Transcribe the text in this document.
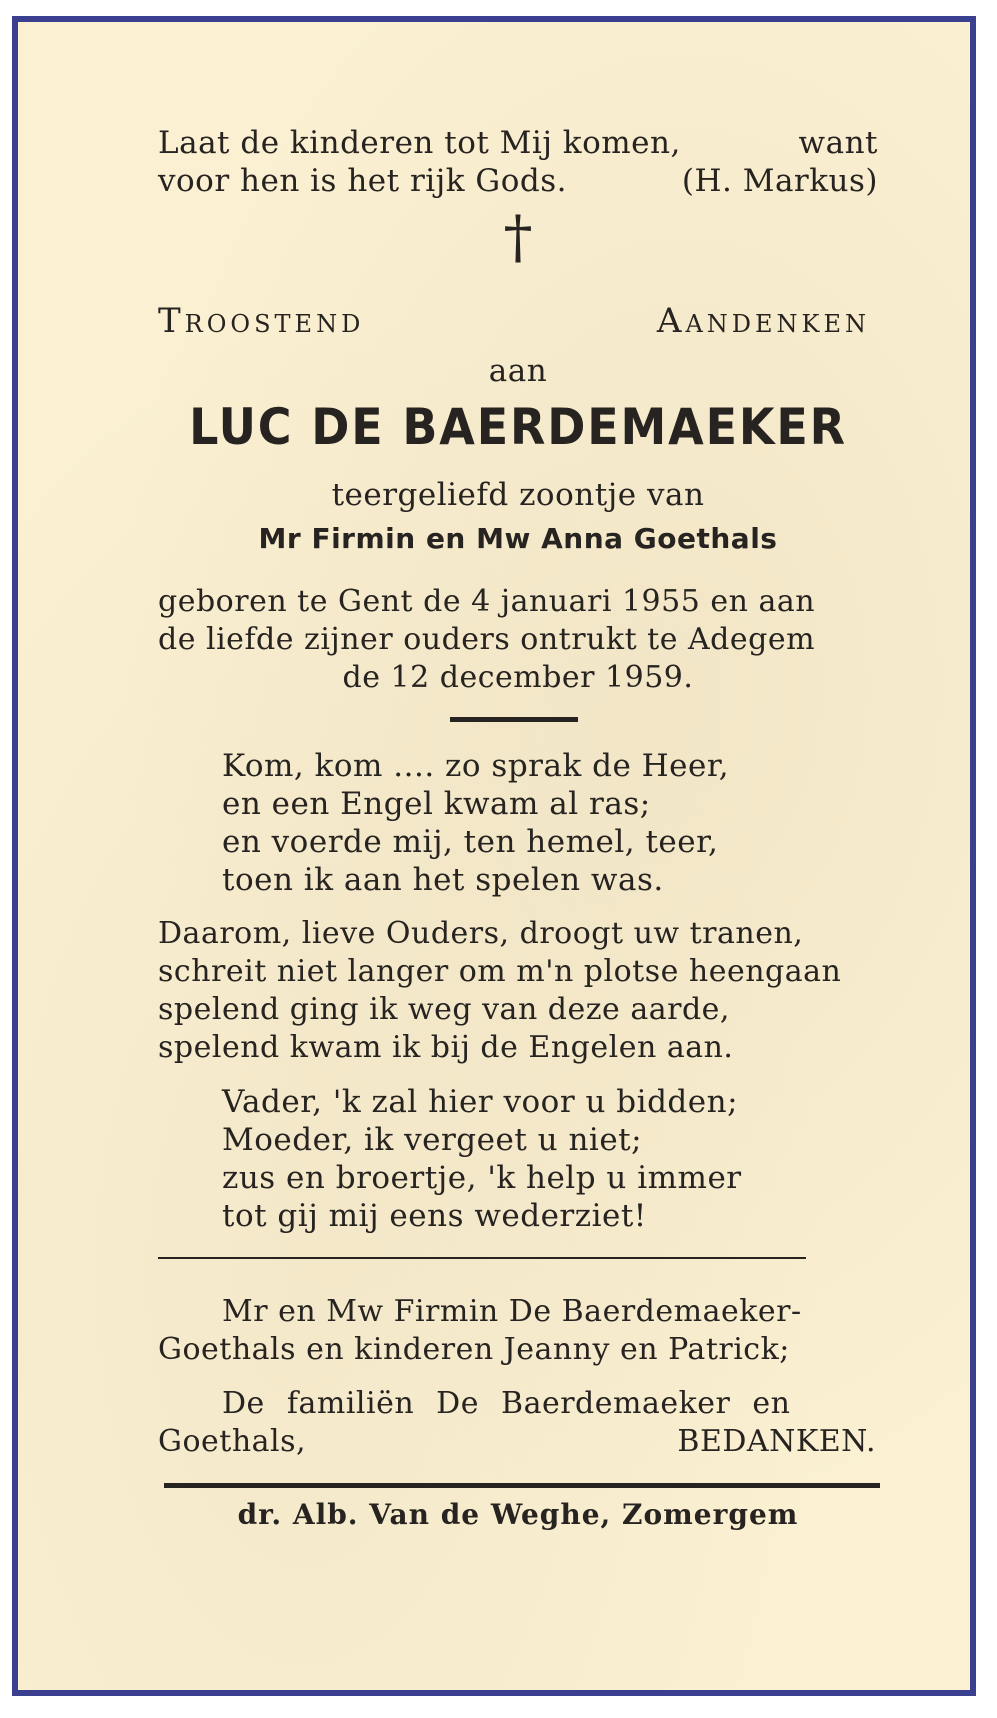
Laat de kinderen tot Mij komen,	want
voor hen is het rijk Gods.	(H. Markus)
†
Troostend	Aandenken
aan
LUC DE BAERDEMAEKER
teergeliefd zoontje van
Mr Firmin en Mw Anna Goethals
geboren te Gent de 4 januari 1955 en aan
de liefde zijner ouders ontrukt te Adegem
de 12 december 1959.
Kom, kom .... zo sprak de Heer,
en een Engel kwam al ras;
en voerde mij, ten hemel, teer,
toen ik aan het spelen was.
Daarom, lieve Ouders, droogt uw tranen,
schreit niet langer om m'n plotse heengaan
spelend ging ik weg van deze aarde,
spelend kwam ik bij de Engelen aan.
Vader, 'k zal hier voor u bidden;
Moeder, ik vergeet u niet;
zus en broertje, 'k help u immer
tot gij mij eens wederziet!
Mr en Mw Firmin De Baerdemaeker-
Goethals en kinderen Jeanny en Patrick;
De familiën De Baerdemaeker en
Goethals,	BEDANKEN.
dr. Alb. Van de Weghe, Zomergem
